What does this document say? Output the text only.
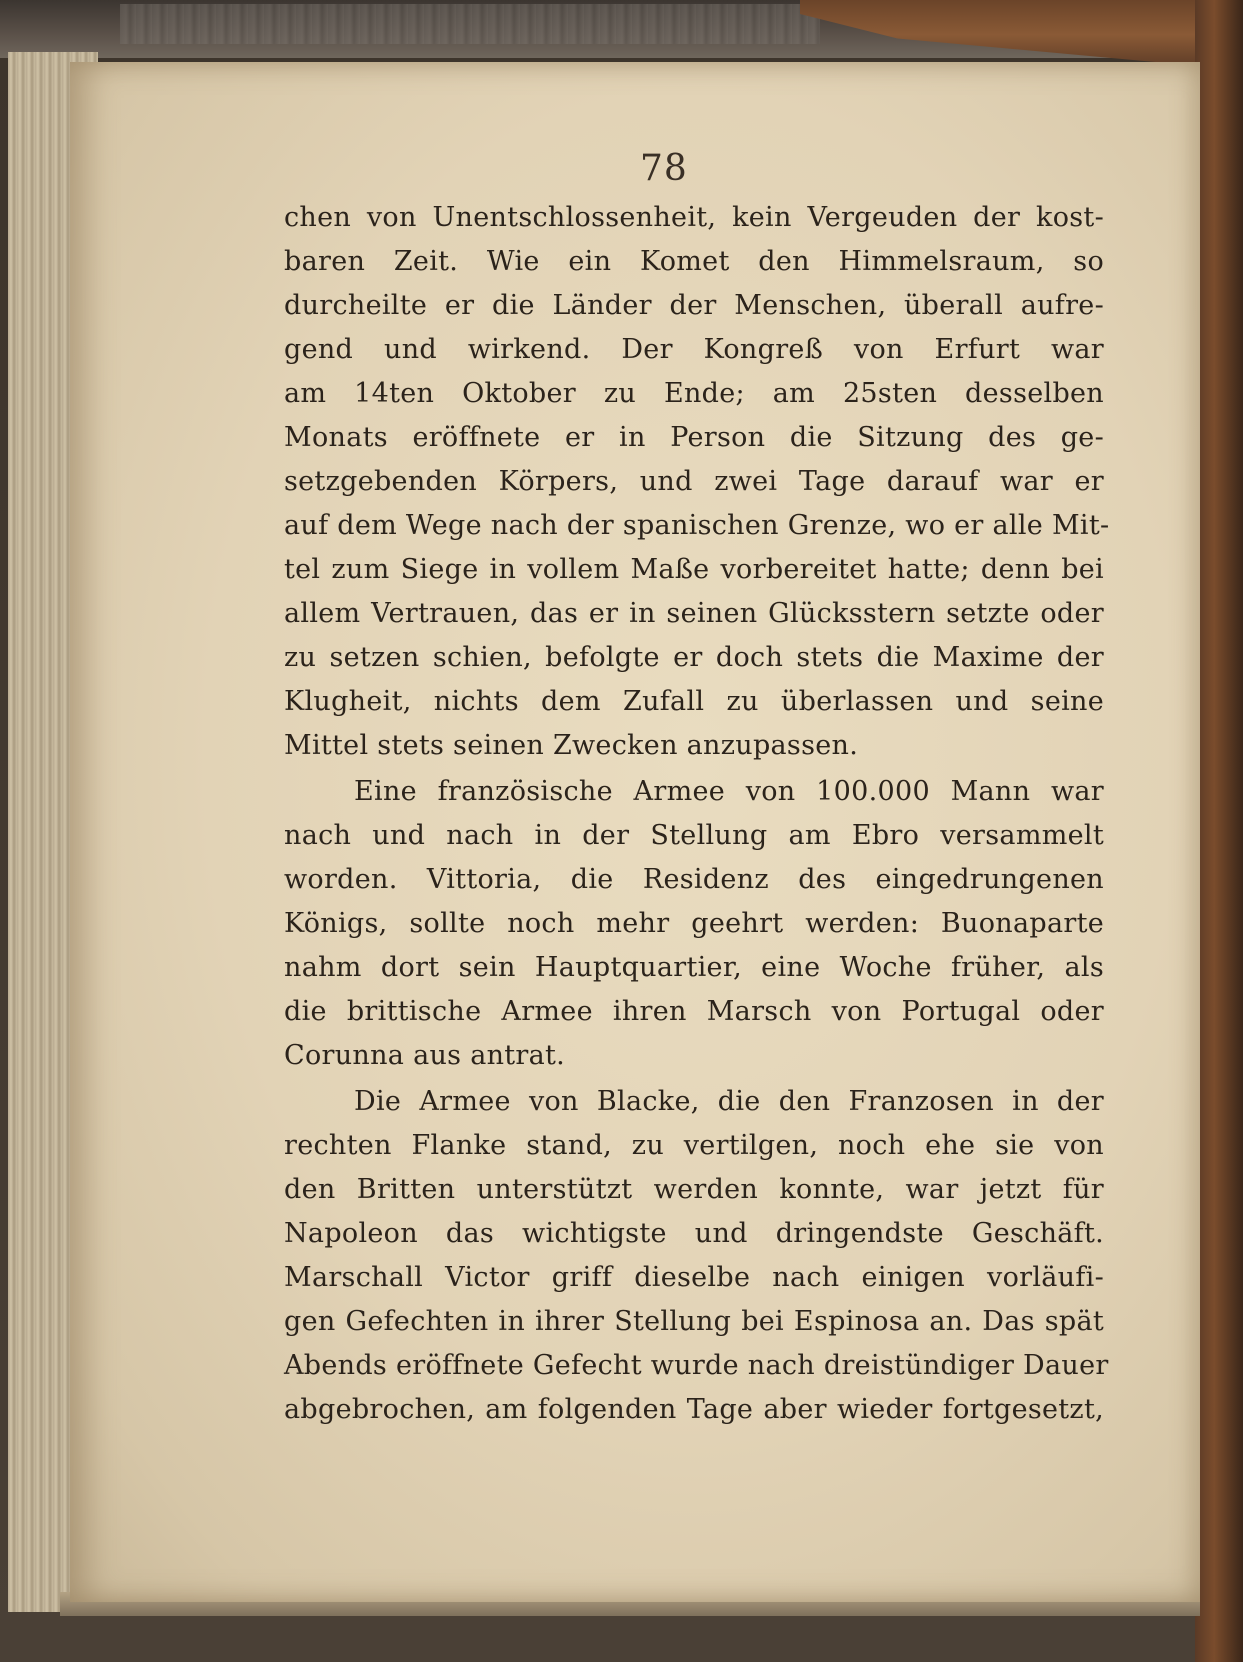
78
chen von Unentschlossenheit, kein Vergeuden der kost-
baren Zeit. Wie ein Komet den Himmelsraum, so
durcheilte er die Länder der Menschen, überall aufre-
gend und wirkend. Der Kongreß von Erfurt war
am 14ten Oktober zu Ende; am 25sten desselben
Monats eröffnete er in Person die Sitzung des ge-
setzgebenden Körpers, und zwei Tage darauf war er
auf dem Wege nach der spanischen Grenze, wo er alle Mit-
tel zum Siege in vollem Maße vorbereitet hatte; denn bei
allem Vertrauen, das er in seinen Glücksstern setzte oder
zu setzen schien, befolgte er doch stets die Maxime der
Klugheit, nichts dem Zufall zu überlassen und seine
Mittel stets seinen Zwecken anzupassen.
Eine französische Armee von 100.000 Mann war
nach und nach in der Stellung am Ebro versammelt
worden. Vittoria, die Residenz des eingedrungenen
Königs, sollte noch mehr geehrt werden: Buonaparte
nahm dort sein Hauptquartier, eine Woche früher, als
die brittische Armee ihren Marsch von Portugal oder
Corunna aus antrat.
Die Armee von Blacke, die den Franzosen in der
rechten Flanke stand, zu vertilgen, noch ehe sie von
den Britten unterstützt werden konnte, war jetzt für
Napoleon das wichtigste und dringendste Geschäft.
Marschall Victor griff dieselbe nach einigen vorläufi-
gen Gefechten in ihrer Stellung bei Espinosa an. Das spät
Abends eröffnete Gefecht wurde nach dreistündiger Dauer
abgebrochen, am folgenden Tage aber wieder fortgesetzt,
